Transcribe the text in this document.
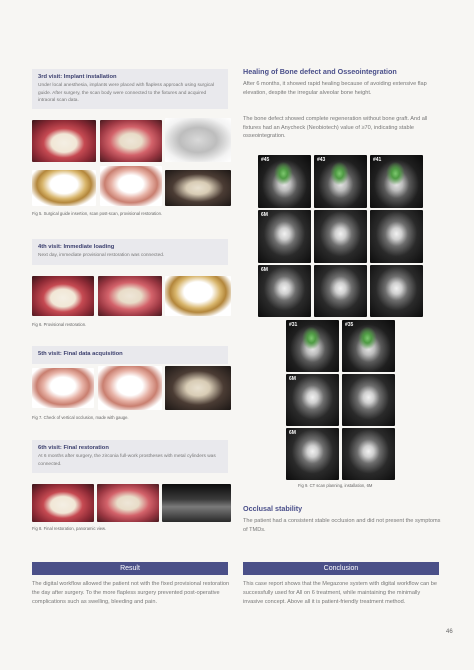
3rd visit: Implant installation
Under local anesthesia, implants were placed with flapless approach using surgical guide. After surgery, the scan body were connected to the fixtures and acquired intraoral scan data.
Fig 5. Surgical guide insertion, scan post-scan, provisional restoration.
4th visit: Immediate loading
Next day, immediate provisional restoration was connected.
Fig 6. Provisional restoration.
5th visit: Final data acquisition
Fig 7. Check of vertical occlusion, made with gauge.
6th visit: Final restoration
At 6 months after surgery, the zirconia full-work prostheses with metal cylinders was connected.
Fig 8. Final restoration, panoramic view.
Healing of Bone defect and Osseointegration
After 6 months, it showed rapid healing because of avoiding extensive flap elevation, despite the irregular alveolar bone height.
The bone defect showed complete regeneration without bone graft. And all fixtures had an Anycheck (Neobiotech) value of ≥70, indicating stable osseointegration.
#45	#43	#41
6M
6M
#31	#35
6M
6M
Fig 9. CT scan planning, installation, 6M
Occlusal stability
The patient had a consistent stable occlusion and did not present the symptoms of TMDs.
Result	Conclusion
The digital workflow allowed the patient not with the fixed provisional restoration the day after surgery. To the more flapless surgery prevented post-operative complications such as swelling, bleeding and pain.
This case report shows that the Megazone system with digital workflow can be successfully used for All on 6 treatment, while maintaining the minimally invasive concept. Above all it is patient-friendly treatment method.
46
